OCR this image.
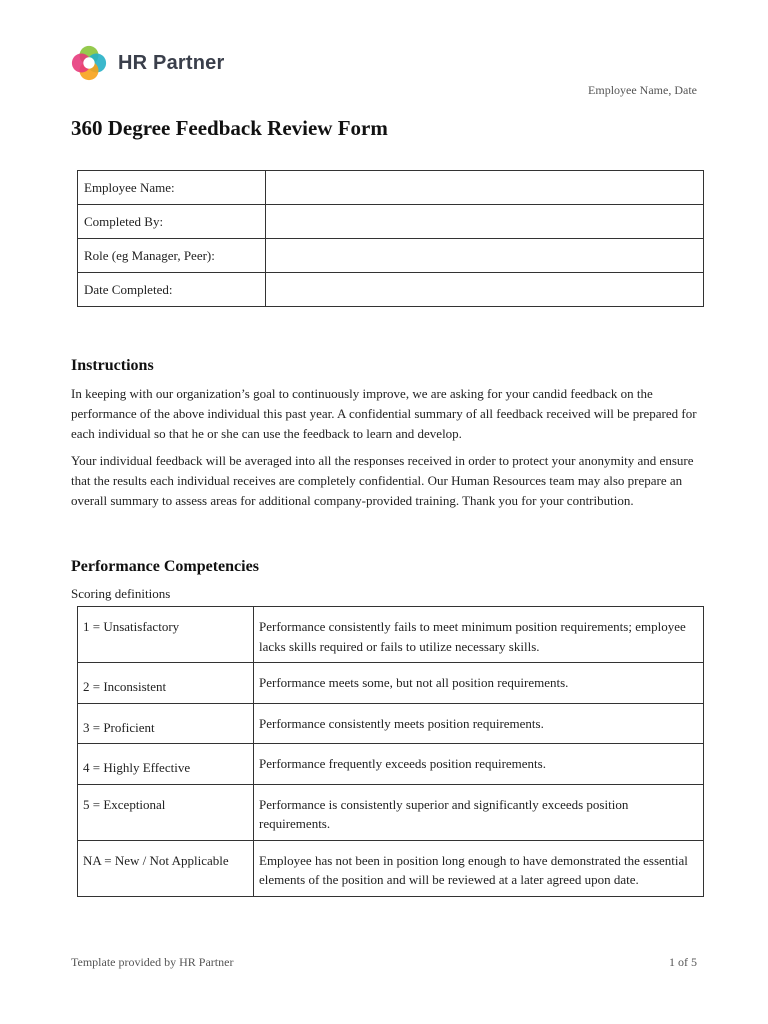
HR Partner
Employee Name, Date
360 Degree Feedback Review Form
Employee Name:	
Completed By:	
Role (eg Manager, Peer):	
Date Completed:	
Instructions

In keeping with our organization’s goal to continuously improve, we are asking for your candid feedback on the performance of the above individual this past year. A confidential summary of all feedback received will be prepared for each individual so that he or she can use the feedback to learn and develop.

Your individual feedback will be averaged into all the responses received in order to protect your anonymity and ensure that the results each individual receives are completely confidential. Our Human Resources team may also prepare an overall summary to assess areas for additional company-provided training. Thank you for your contribution.

Performance Competencies
Scoring definitions
1 = Unsatisfactory	Performance consistently fails to meet minimum position requirements; employee lacks skills required or fails to utilize necessary skills.
2 = Inconsistent	Performance meets some, but not all position requirements.
3 = Proficient	Performance consistently meets position requirements.
4 = Highly Effective	Performance frequently exceeds position requirements.
5 = Exceptional	Performance is consistently superior and significantly exceeds position requirements.
NA = New / Not Applicable	Employee has not been in position long enough to have demonstrated the essential elements of the position and will be reviewed at a later agreed upon date.
Template provided by HR Partner	1 of 5
